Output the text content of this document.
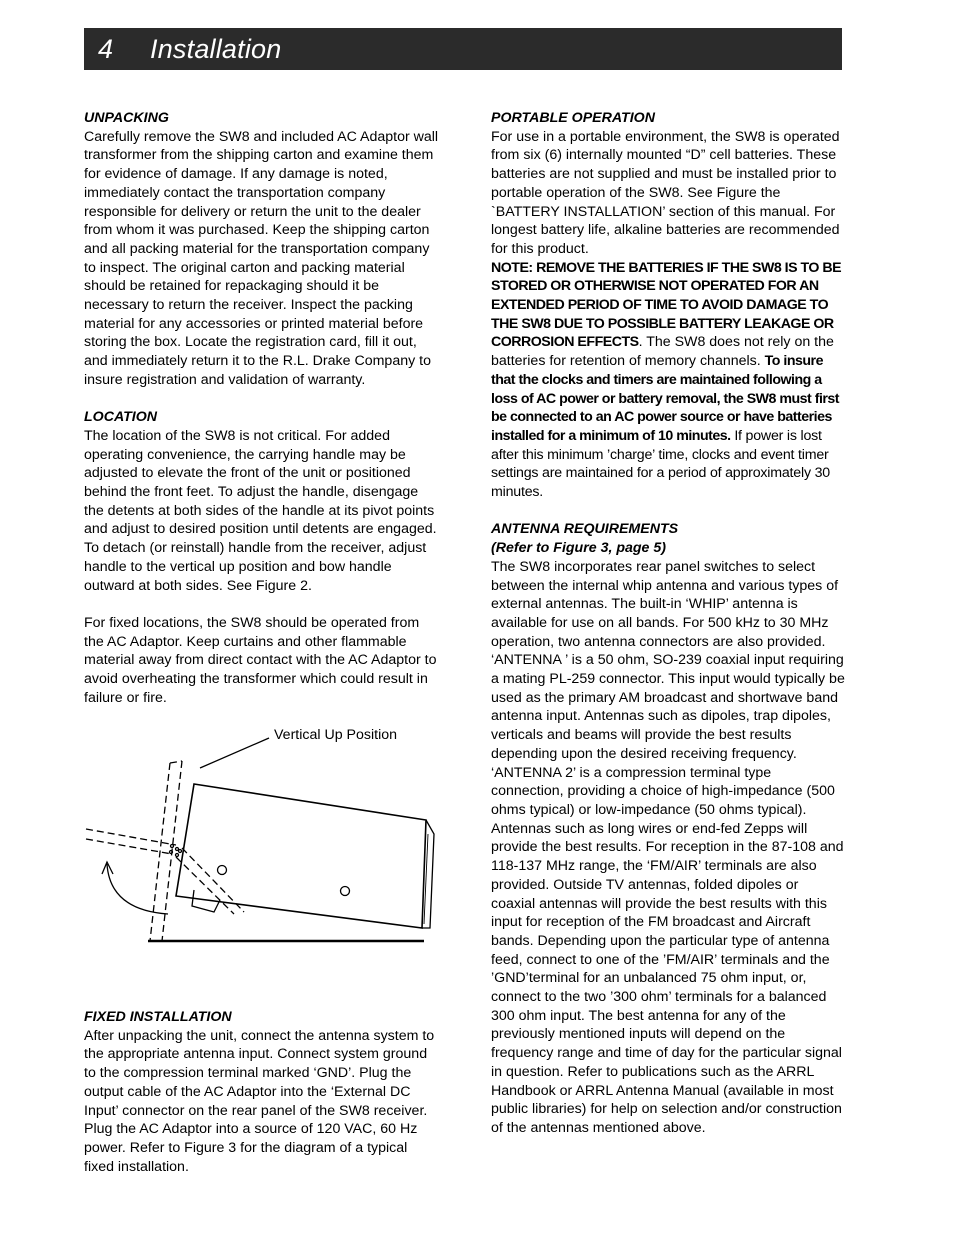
4 Installation

UNPACKING

Carefully remove the SW8 and included AC Adaptor wall transformer from the shipping carton and examine them for evidence of damage. If any damage is noted, immediately contact the transportation company responsible for delivery or return the unit to the dealer from whom it was purchased. Keep the shipping carton and all packing material for the transportation company to inspect. The original carton and packing material should be retained for repackaging should it be necessary to return the receiver. Inspect the packing material for any accessories or printed material before storing the box. Locate the registration card, fill it out, and immediately return it to the R.L. Drake Company to insure registration and validation of warranty.

LOCATION

The location of the SW8 is not critical. For added operating convenience, the carrying handle may be adjusted to elevate the front of the unit or positioned behind the front feet. To adjust the handle, disengage the detents at both sides of the handle at its pivot points and adjust to desired position until detents are engaged. To detach (or reinstall) handle from the receiver, adjust handle to the vertical up position and bow handle outward at both sides. See Figure 2.

For fixed locations, the SW8 should be operated from the AC Adaptor. Keep curtains and other flammable material away from direct contact with the AC Adaptor to avoid overheating the transformer which could result in failure or fire.

Vertical Up Position

FIXED INSTALLATION

After unpacking the unit, connect the antenna system to the appropriate antenna input. Connect system ground to the compression terminal marked ‘GND’. Plug the output cable of the AC Adaptor into the ‘External DC Input’ connector on the rear panel of the SW8 receiver. Plug the AC Adaptor into a source of 120 VAC, 60 Hz power. Refer to Figure 3 for the diagram of a typical fixed installation.

PORTABLE OPERATION

For use in a portable environment, the SW8 is operated from six (6) internally mounted “D” cell batteries. These batteries are not supplied and must be installed prior to portable operation of the SW8. See Figure the `BATTERY INSTALLATION’ section of this manual. For longest battery life, alkaline batteries are recommended for this product.

NOTE: REMOVE THE BATTERIES IF THE SW8 IS TO BE STORED OR OTHERWISE NOT OPERATED FOR AN EXTENDED PERIOD OF TIME TO AVOID DAMAGE TO THE SW8 DUE TO POSSIBLE BATTERY LEAKAGE OR CORROSION EFFECTS. The SW8 does not rely on the batteries for retention of memory channels. To insure that the clocks and timers are maintained following a loss of AC power or battery removal, the SW8 must first be connected to an AC power source or have batteries installed for a minimum of 10 minutes. If power is lost after this minimum ’charge’ time, clocks and event timer settings are maintained for a period of approximately 30 minutes.

ANTENNA REQUIREMENTS

(Refer to Figure 3, page 5)

The SW8 incorporates rear panel switches to select between the internal whip antenna and various types of external antennas. The built-in ‘WHIP’ antenna is available for use on all bands. For 500 kHz to 30 MHz operation, two antenna connectors are also provided. ‘ANTENNA ’ is a 50 ohm, SO-239 coaxial input requiring a mating PL-259 connector. This input would typically be used as the primary AM broadcast and shortwave band antenna input. Antennas such as dipoles, trap dipoles, verticals and beams will provide the best results depending upon the desired receiving frequency. ‘ANTENNA 2’ is a compression terminal type connection, providing a choice of high-impedance (500 ohms typical) or low-impedance (50 ohms typical). Antennas such as long wires or end-fed Zepps will provide the best results. For reception in the 87-108 and 118-137 MHz range, the ‘FM/AIR’ terminals are also provided. Outside TV antennas, folded dipoles or coaxial antennas will provide the best results with this input for reception of the FM broadcast and Aircraft bands. Depending upon the particular type of antenna feed, connect to one of the ’FM/AIR’ terminals and the ’GND’terminal for an unbalanced 75 ohm input, or, connect to the two ’300 ohm’ terminals for a balanced 300 ohm input. The best antenna for any of the previously mentioned inputs will depend on the frequency range and time of day for the particular signal in question. Refer to publications such as the ARRL Handbook or ARRL Antenna Manual (available in most public libraries) for help on selection and/or construction of the antennas mentioned above.
